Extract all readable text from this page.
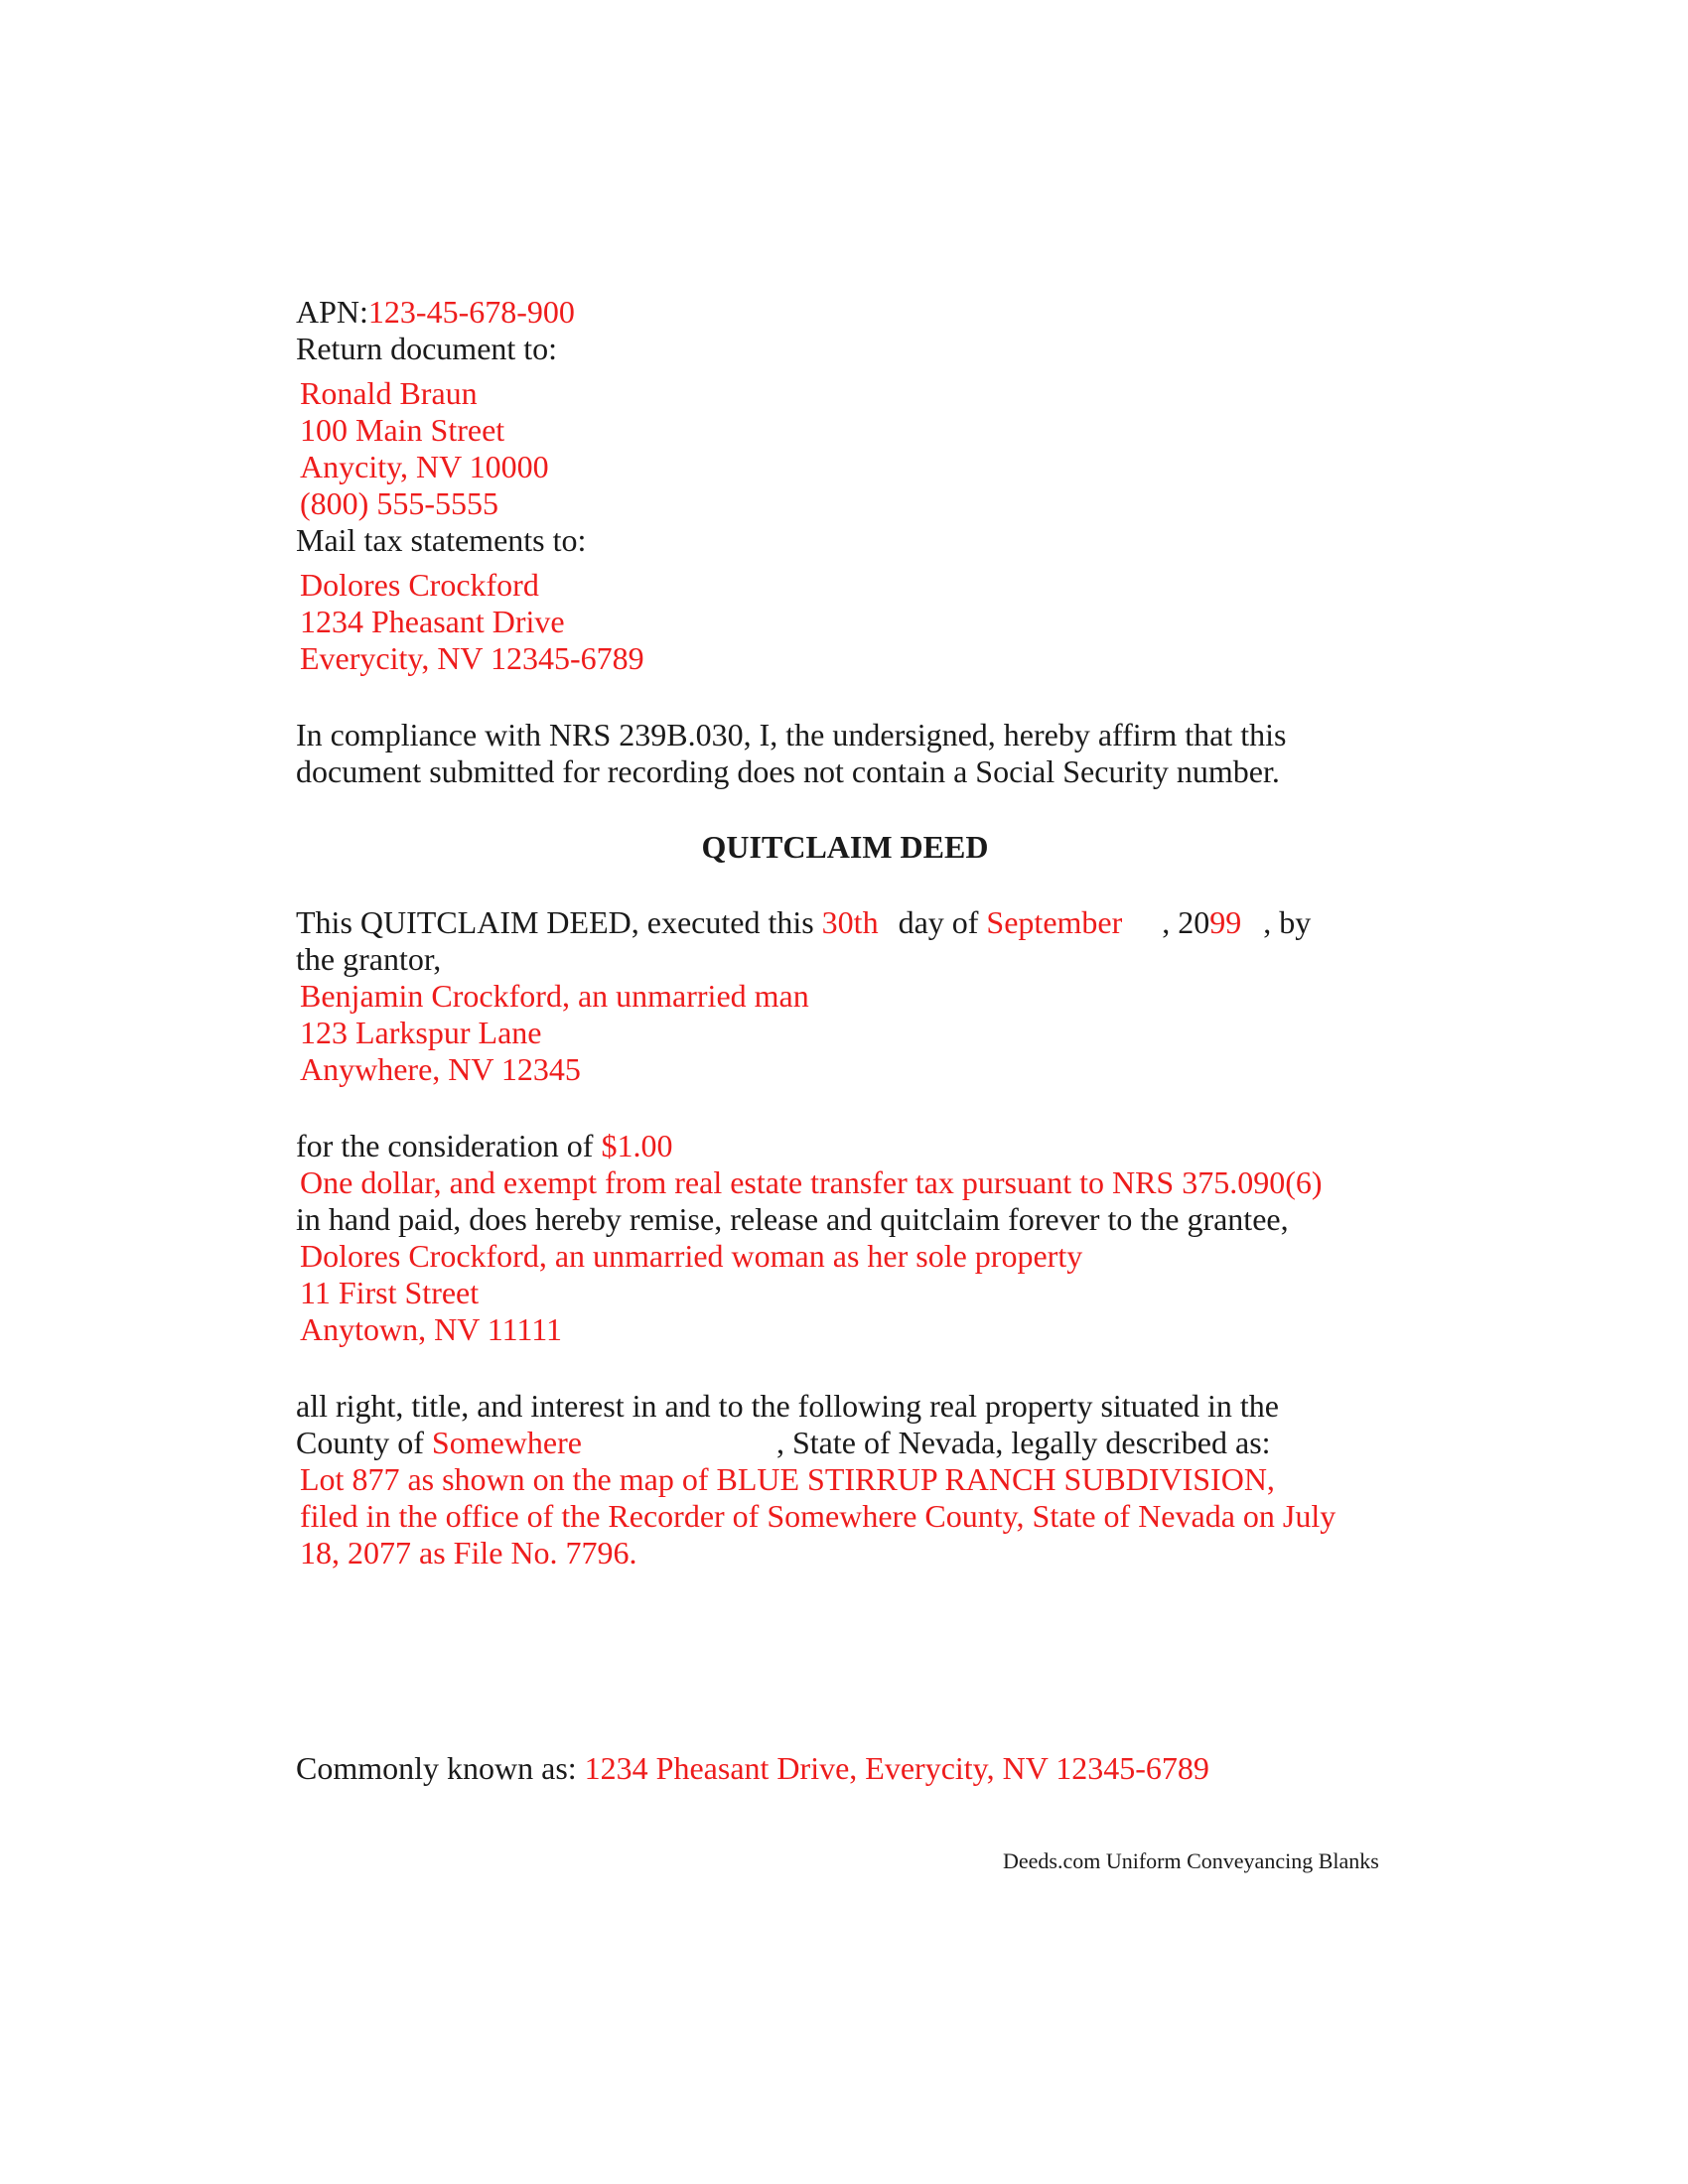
APN:123-45-678-900
Return document to:
Ronald Braun
100 Main Street
Anycity, NV 10000
(800) 555-5555
Mail tax statements to:
Dolores Crockford
1234 Pheasant Drive
Everycity, NV 12345-6789
In compliance with NRS 239B.030, I, the undersigned, hereby affirm that this
document submitted for recording does not contain a Social Security number.
QUITCLAIM DEED
This QUITCLAIM DEED, executed this 30th day of September , 2099 , by
the grantor,
Benjamin Crockford, an unmarried man
123 Larkspur Lane
Anywhere, NV 12345
for the consideration of $1.00
One dollar, and exempt from real estate transfer tax pursuant to NRS 375.090(6)
in hand paid, does hereby remise, release and quitclaim forever to the grantee,
Dolores Crockford, an unmarried woman as her sole property
11 First Street
Anytown, NV 11111
all right, title, and interest in and to the following real property situated in the
County of Somewhere	, State of Nevada, legally described as:
Lot 877 as shown on the map of BLUE STIRRUP RANCH SUBDIVISION,
filed in the office of the Recorder of Somewhere County, State of Nevada on July
18, 2077 as File No. 7796.
Commonly known as: 1234 Pheasant Drive, Everycity, NV 12345-6789
Deeds.com Uniform Conveyancing Blanks
